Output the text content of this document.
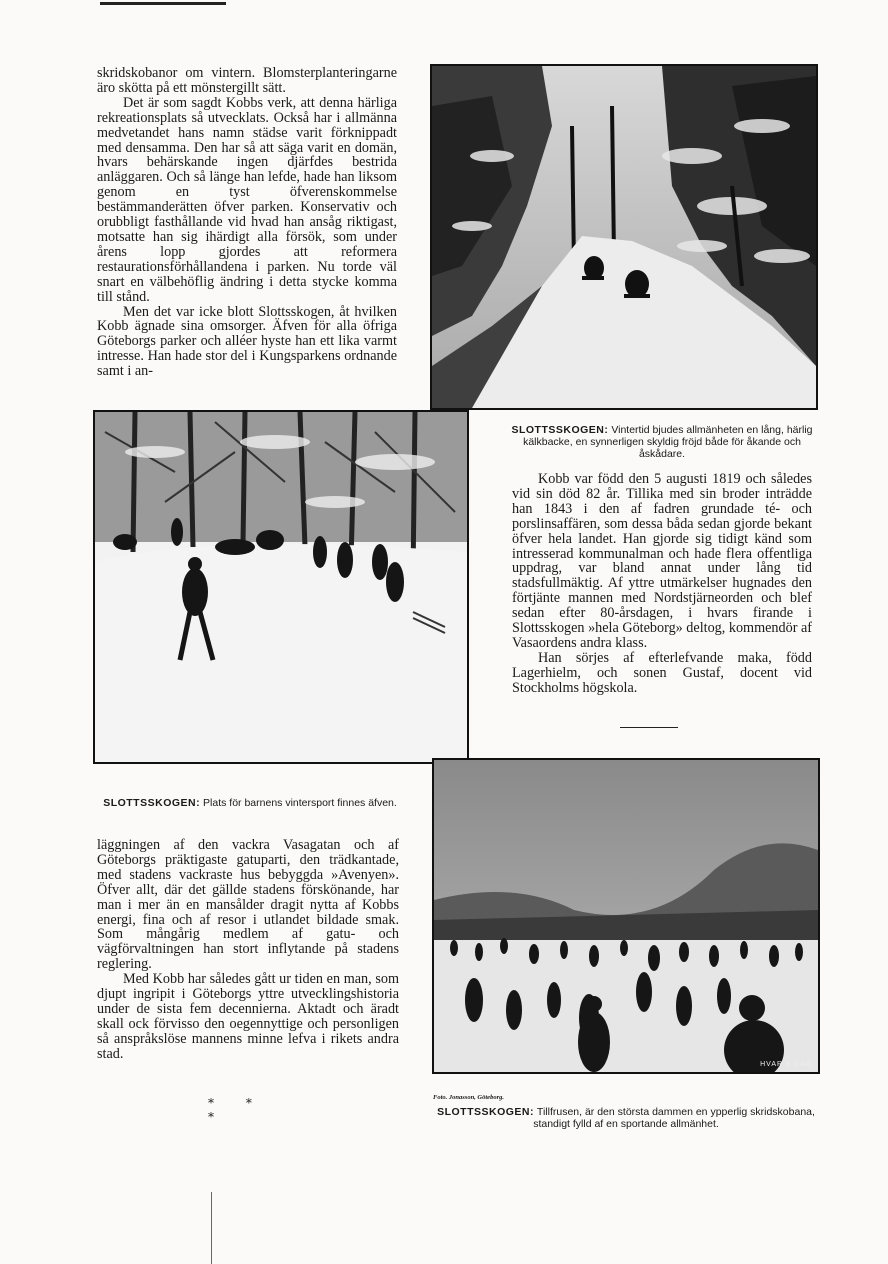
skridskobanor om vintern. Blomsterplanteringarne äro skötta på ett mönstergillt sätt.

Det är som sagdt Kobbs verk, att denna härliga rekreationsplats så utvecklats. Också har i allmänna medvetandet hans namn städse varit förknippadt med densamma. Den har så att säga varit en domän, hvars behärskande ingen djärfdes bestrida anläggaren. Och så länge han lefde, hade han liksom genom en tyst öfverenskommelse bestämmanderätten öfver parken. Konservativ och orubbligt fasthållande vid hvad han ansåg riktigast, motsatte han sig ihärdigt alla försök, som under årens lopp gjordes att reformera restaurationsförhållandena i parken. Nu torde väl snart en välbehöflig ändring i detta stycke komma till stånd.

Men det var icke blott Slottsskogen, åt hvilken Kobb ägnade sina omsorger. Äfven för alla öfriga Göteborgs parker och alléer hyste han ett lika varmt intresse. Han hade stor del i Kungsparkens ordnande samt i an-

SLOTTSSKOGEN: Vintertid bjudes allmänheten en lång, härlig kälkbacke, en synnerligen skyldig fröjd både för åkande och åskådare.

Kobb var född den 5 augusti 1819 och således vid sin död 82 år. Tillika med sin broder inträdde han 1843 i den af fadren grundade té- och porslinsaffären, som dessa båda sedan gjorde bekant öfver hela landet. Han gjorde sig tidigt känd som intresserad kommunalman och hade flera offentliga uppdrag, var bland annat under lång tid stadsfullmäktig. Af yttre utmärkelser hugnades den förtjänte mannen med Nordstjärneorden och blef sedan efter 80-årsdagen, i hvars firande i Slottsskogen »hela Göteborg» deltog, kommendör af Vasaordens andra klass.

Han sörjes af efterlefvande maka, född Lagerhielm, och sonen Gustaf, docent vid Stockholms högskola.

SLOTTSSKOGEN: Plats för barnens vintersport finnes äfven.

läggningen af den vackra Vasagatan och af Göteborgs präktigaste gatuparti, den trädkantade, med stadens vackraste hus bebyggda »Avenyen». Öfver allt, där det gällde stadens förskönande, har man i mer än en mansålder dragit nytta af Kobbs energi, fina och af resor i utlandet bildade smak. Som mångårig medlem af gatu- och vägförvaltningen han stort inflytande på stadens reglering.

Med Kobb har således gått ur tiden en man, som djupt ingripit i Göteborgs yttre utvecklingshistoria under de sista fem decennierna. Aktadt och äradt skall ock förvisso den oegennyttige och personligen så anspråkslöse mannens minne lefva i rikets andra stad.

* * *
HVAR 8 DAG
Foto. Jonasson, Göteborg.
SLOTTSSKOGEN: Tillfrusen, är den största dammen en ypperlig skridskobana, standigt fylld af en sportande allmänhet.
